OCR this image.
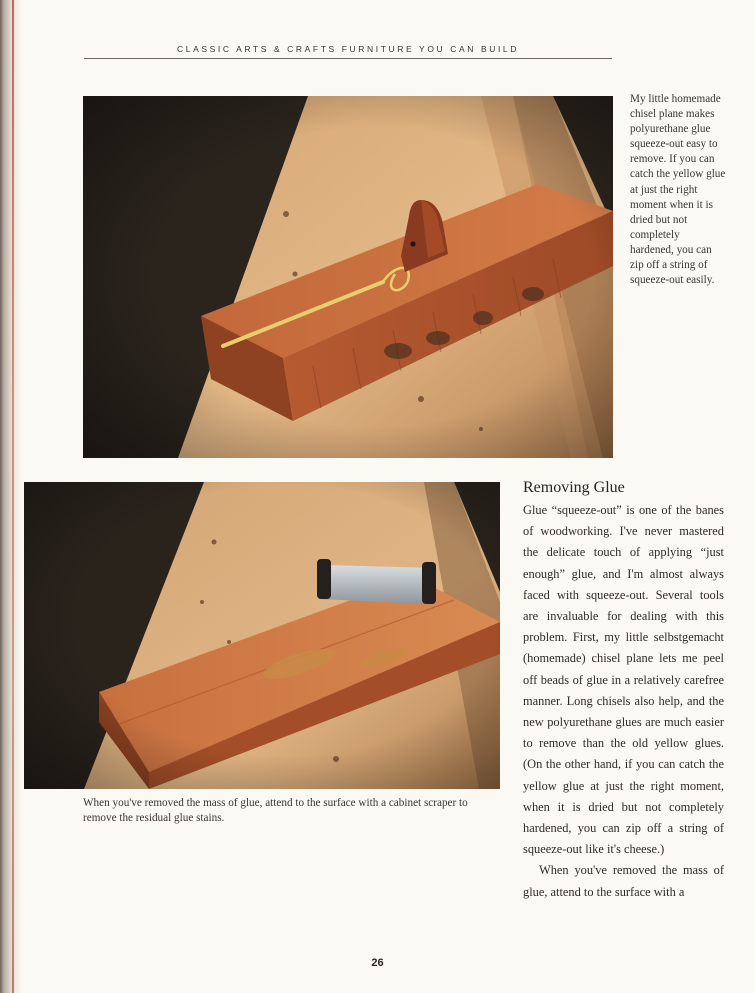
CLASSIC ARTS & CRAFTS FURNITURE YOU CAN BUILD
My little homemade chisel plane makes polyurethane glue squeeze-out easy to remove. If you can catch the yellow glue at just the right moment when it is dried but not completely hardened, you can zip off a string of squeeze-out easily.
When you've removed the mass of glue, attend to the surface with a cabinet scraper to remove the residual glue stains.
Removing Glue

Glue “squeeze-out” is one of the banes of woodworking. I've never mastered the delicate touch of applying “just enough” glue, and I'm almost always faced with squeeze-out. Several tools are invaluable for dealing with this problem. First, my little selbstgemacht (homemade) chisel plane lets me peel off beads of glue in a relatively carefree manner. Long chisels also help, and the new polyurethane glues are much easier to remove than the old yellow glues. (On the other hand, if you can catch the yellow glue at just the right moment, when it is dried but not completely hardened, you can zip off a string of squeeze-out like it's cheese.)

When you've removed the mass of glue, attend to the surface with a

26
